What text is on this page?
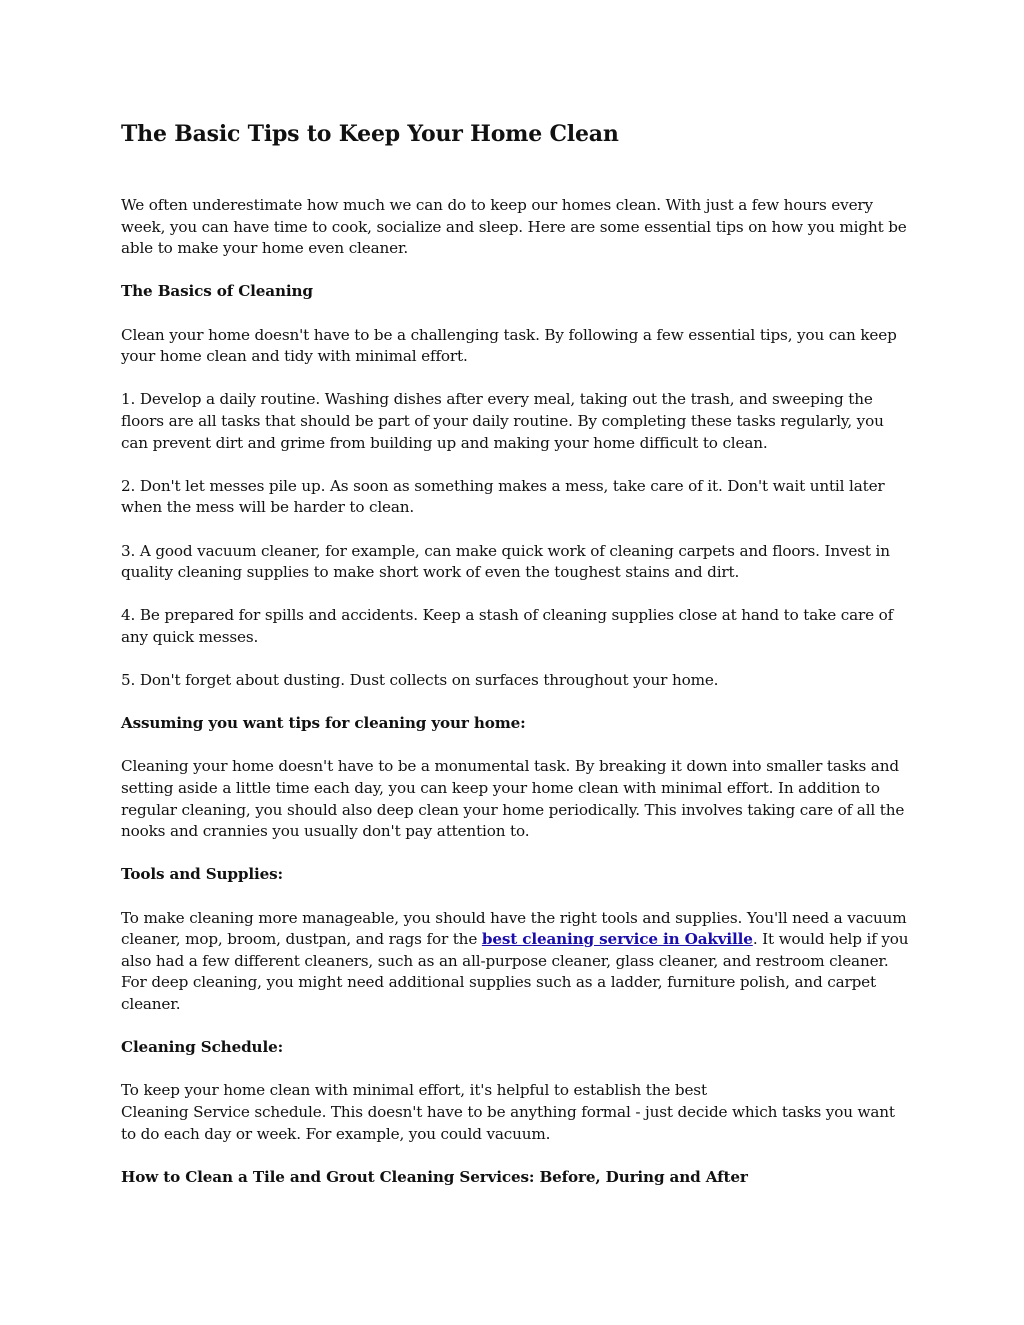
The Basic Tips to Keep Your Home Clean
We often underestimate how much we can do to keep our homes clean. With just a few hours every week, you can have time to cook, socialize and sleep. Here are some essential tips on how you might be able to make your home even cleaner.
The Basics of Cleaning
Clean your home doesn't have to be a challenging task. By following a few essential tips, you can keep your home clean and tidy with minimal effort.
1. Develop a daily routine. Washing dishes after every meal, taking out the trash, and sweeping the floors are all tasks that should be part of your daily routine. By completing these tasks regularly, you can prevent dirt and grime from building up and making your home difficult to clean.
2. Don't let messes pile up. As soon as something makes a mess, take care of it. Don't wait until later when the mess will be harder to clean.
3. A good vacuum cleaner, for example, can make quick work of cleaning carpets and floors. Invest in quality cleaning supplies to make short work of even the toughest stains and dirt.
4. Be prepared for spills and accidents. Keep a stash of cleaning supplies close at hand to take care of any quick messes.
5. Don't forget about dusting. Dust collects on surfaces throughout your home.
Assuming you want tips for cleaning your home:
Cleaning your home doesn't have to be a monumental task. By breaking it down into smaller tasks and setting aside a little time each day, you can keep your home clean with minimal effort. In addition to regular cleaning, you should also deep clean your home periodically. This involves taking care of all the nooks and crannies you usually don't pay attention to.
Tools and Supplies:
To make cleaning more manageable, you should have the right tools and supplies. You'll need a vacuum cleaner, mop, broom, dustpan, and rags for the best cleaning service in Oakville. It would help if you also had a few different cleaners, such as an all-purpose cleaner, glass cleaner, and restroom cleaner. For deep cleaning, you might need additional supplies such as a ladder, furniture polish, and carpet cleaner.
Cleaning Schedule:
To keep your home clean with minimal effort, it's helpful to establish the best
Cleaning Service schedule. This doesn't have to be anything formal - just decide which tasks you want to do each day or week. For example, you could vacuum.
How to Clean a Tile and Grout Cleaning Services: Before, During and After
